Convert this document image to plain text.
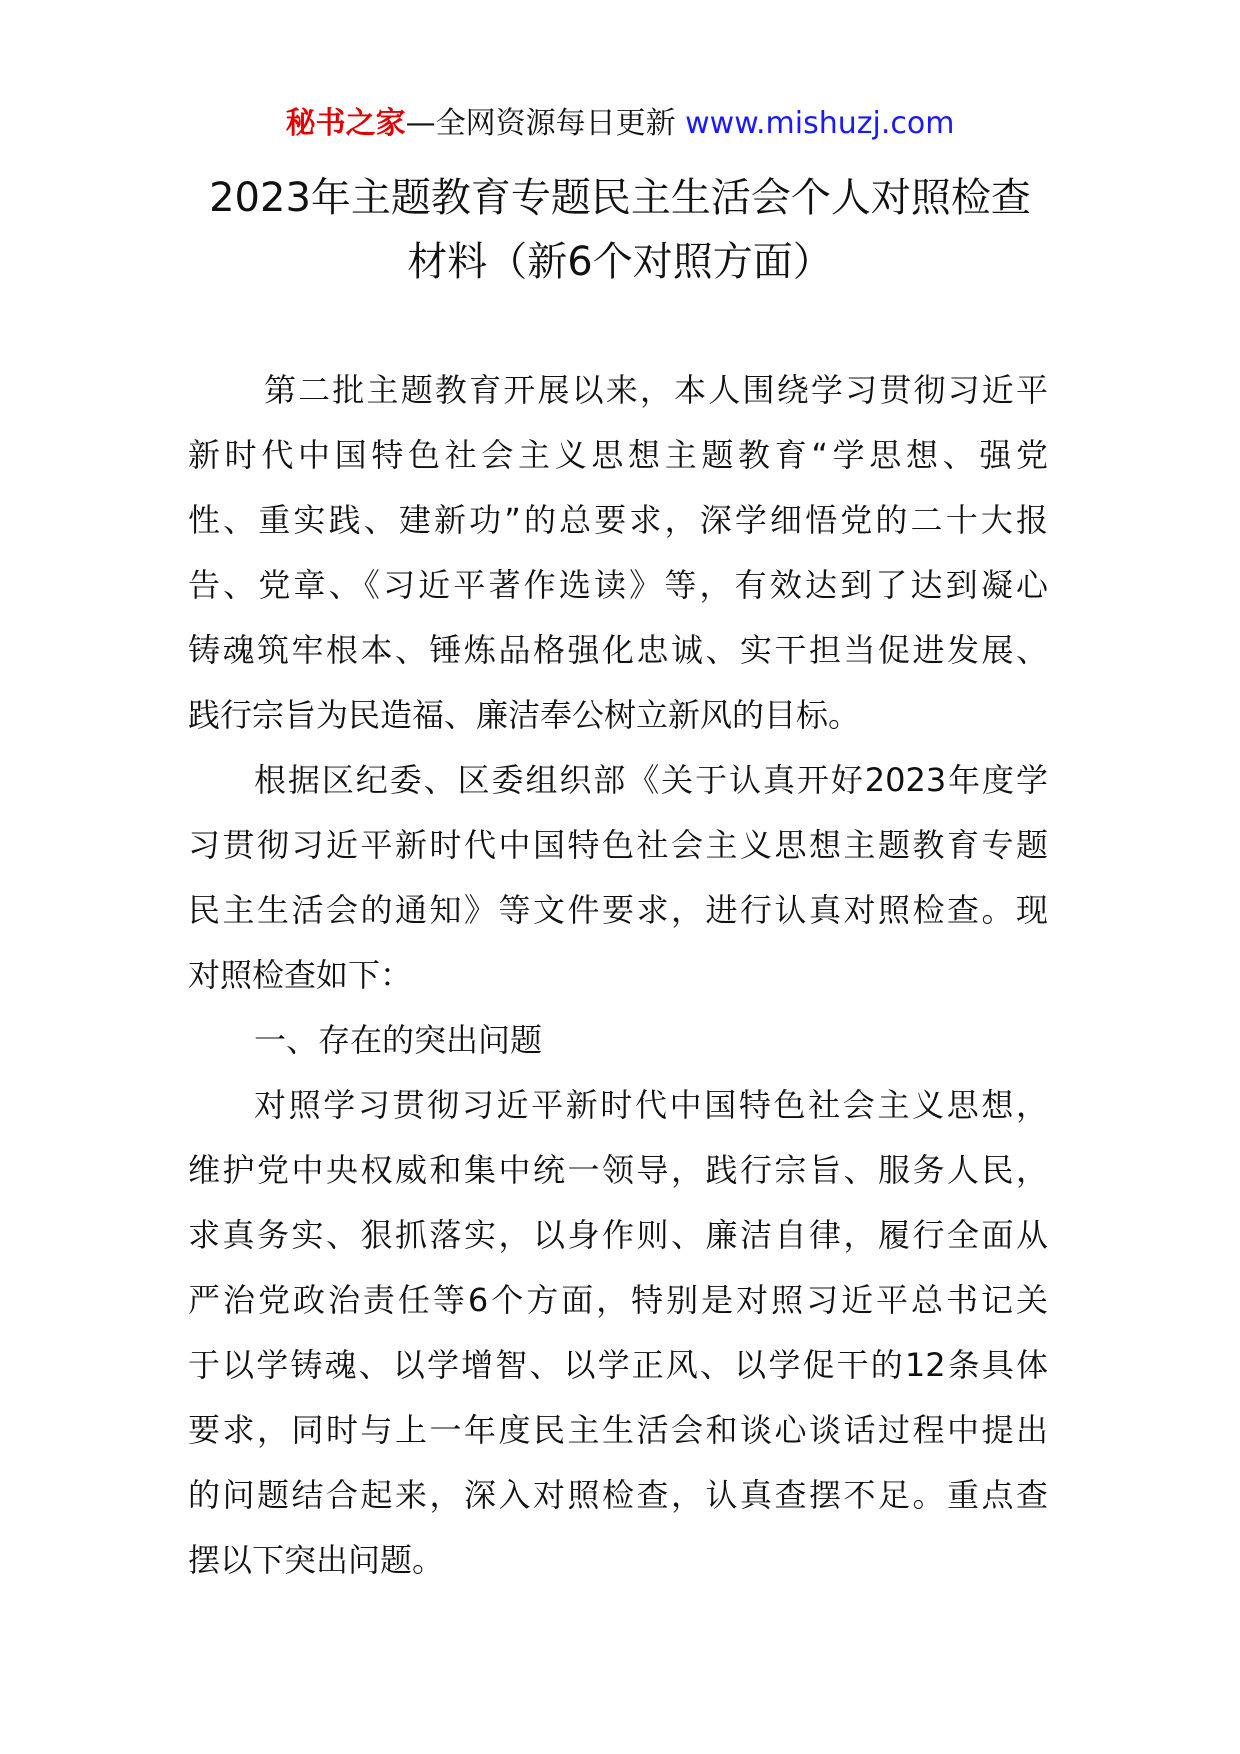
秘书之家—全网资源每日更新 www.mishuzj.com
2023年主题教育专题民主生活会个人对照检查
材料（新6个对照方面）
第二批主题教育开展以来，本人围绕学习贯彻习近平
新时代中国特色社会主义思想主题教育“学思想、强党
性、重实践、建新功”的总要求，深学细悟党的二十大报
告、党章、《习近平著作选读》等，有效达到了达到凝心
铸魂筑牢根本、锤炼品格强化忠诚、实干担当促进发展、
践行宗旨为民造福、廉洁奉公树立新风的目标。
根据区纪委、区委组织部《关于认真开好2023年度学
习贯彻习近平新时代中国特色社会主义思想主题教育专题
民主生活会的通知》等文件要求，进行认真对照检查。现
对照检查如下：
一、存在的突出问题
对照学习贯彻习近平新时代中国特色社会主义思想，
维护党中央权威和集中统一领导，践行宗旨、服务人民，
求真务实、狠抓落实，以身作则、廉洁自律，履行全面从
严治党政治责任等6个方面，特别是对照习近平总书记关
于以学铸魂、以学增智、以学正风、以学促干的12条具体
要求，同时与上一年度民主生活会和谈心谈话过程中提出
的问题结合起来，深入对照检查，认真查摆不足。重点查
摆以下突出问题。
